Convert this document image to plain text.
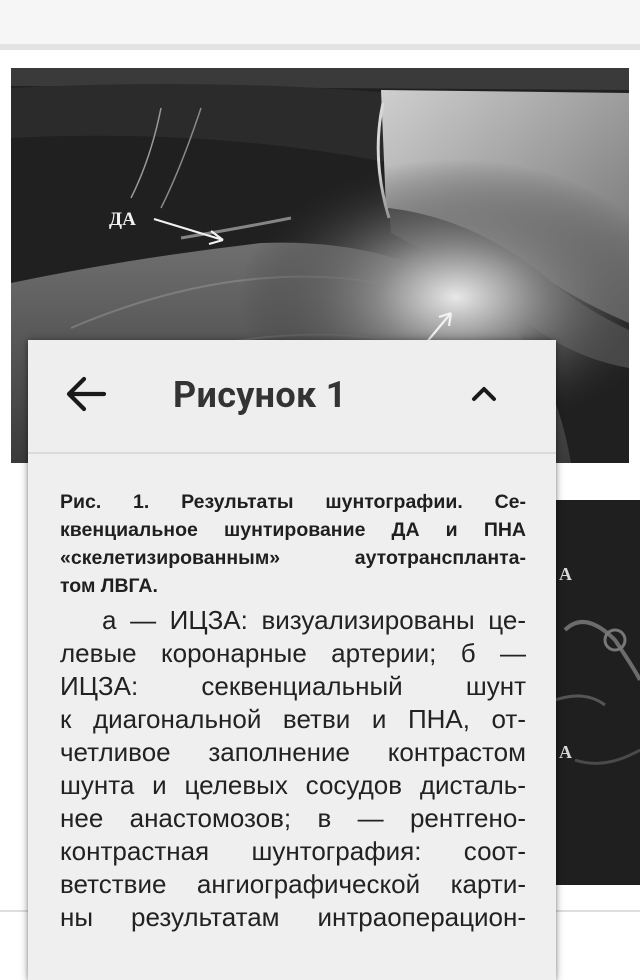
ДА
А
А
Рисунок 1
Рис. 1. Результаты шунтографии. Се-
квенциальное шунтирование ДА и ПНА
«скелетизированным» аутотранспланта-
том ЛВГА.
а — ИЦЗА: визуализированы це-
левые коронарные артерии; б —
ИЦЗА: секвенциальный шунт
к диагональной ветви и ПНА, от-
четливое заполнение контрастом
шунта и целевых сосудов дисталь-
нее анастомозов; в — рентгено-
контрастная шунтография: соот-
ветствие ангиографической карти-
ны результатам интраоперацион-
